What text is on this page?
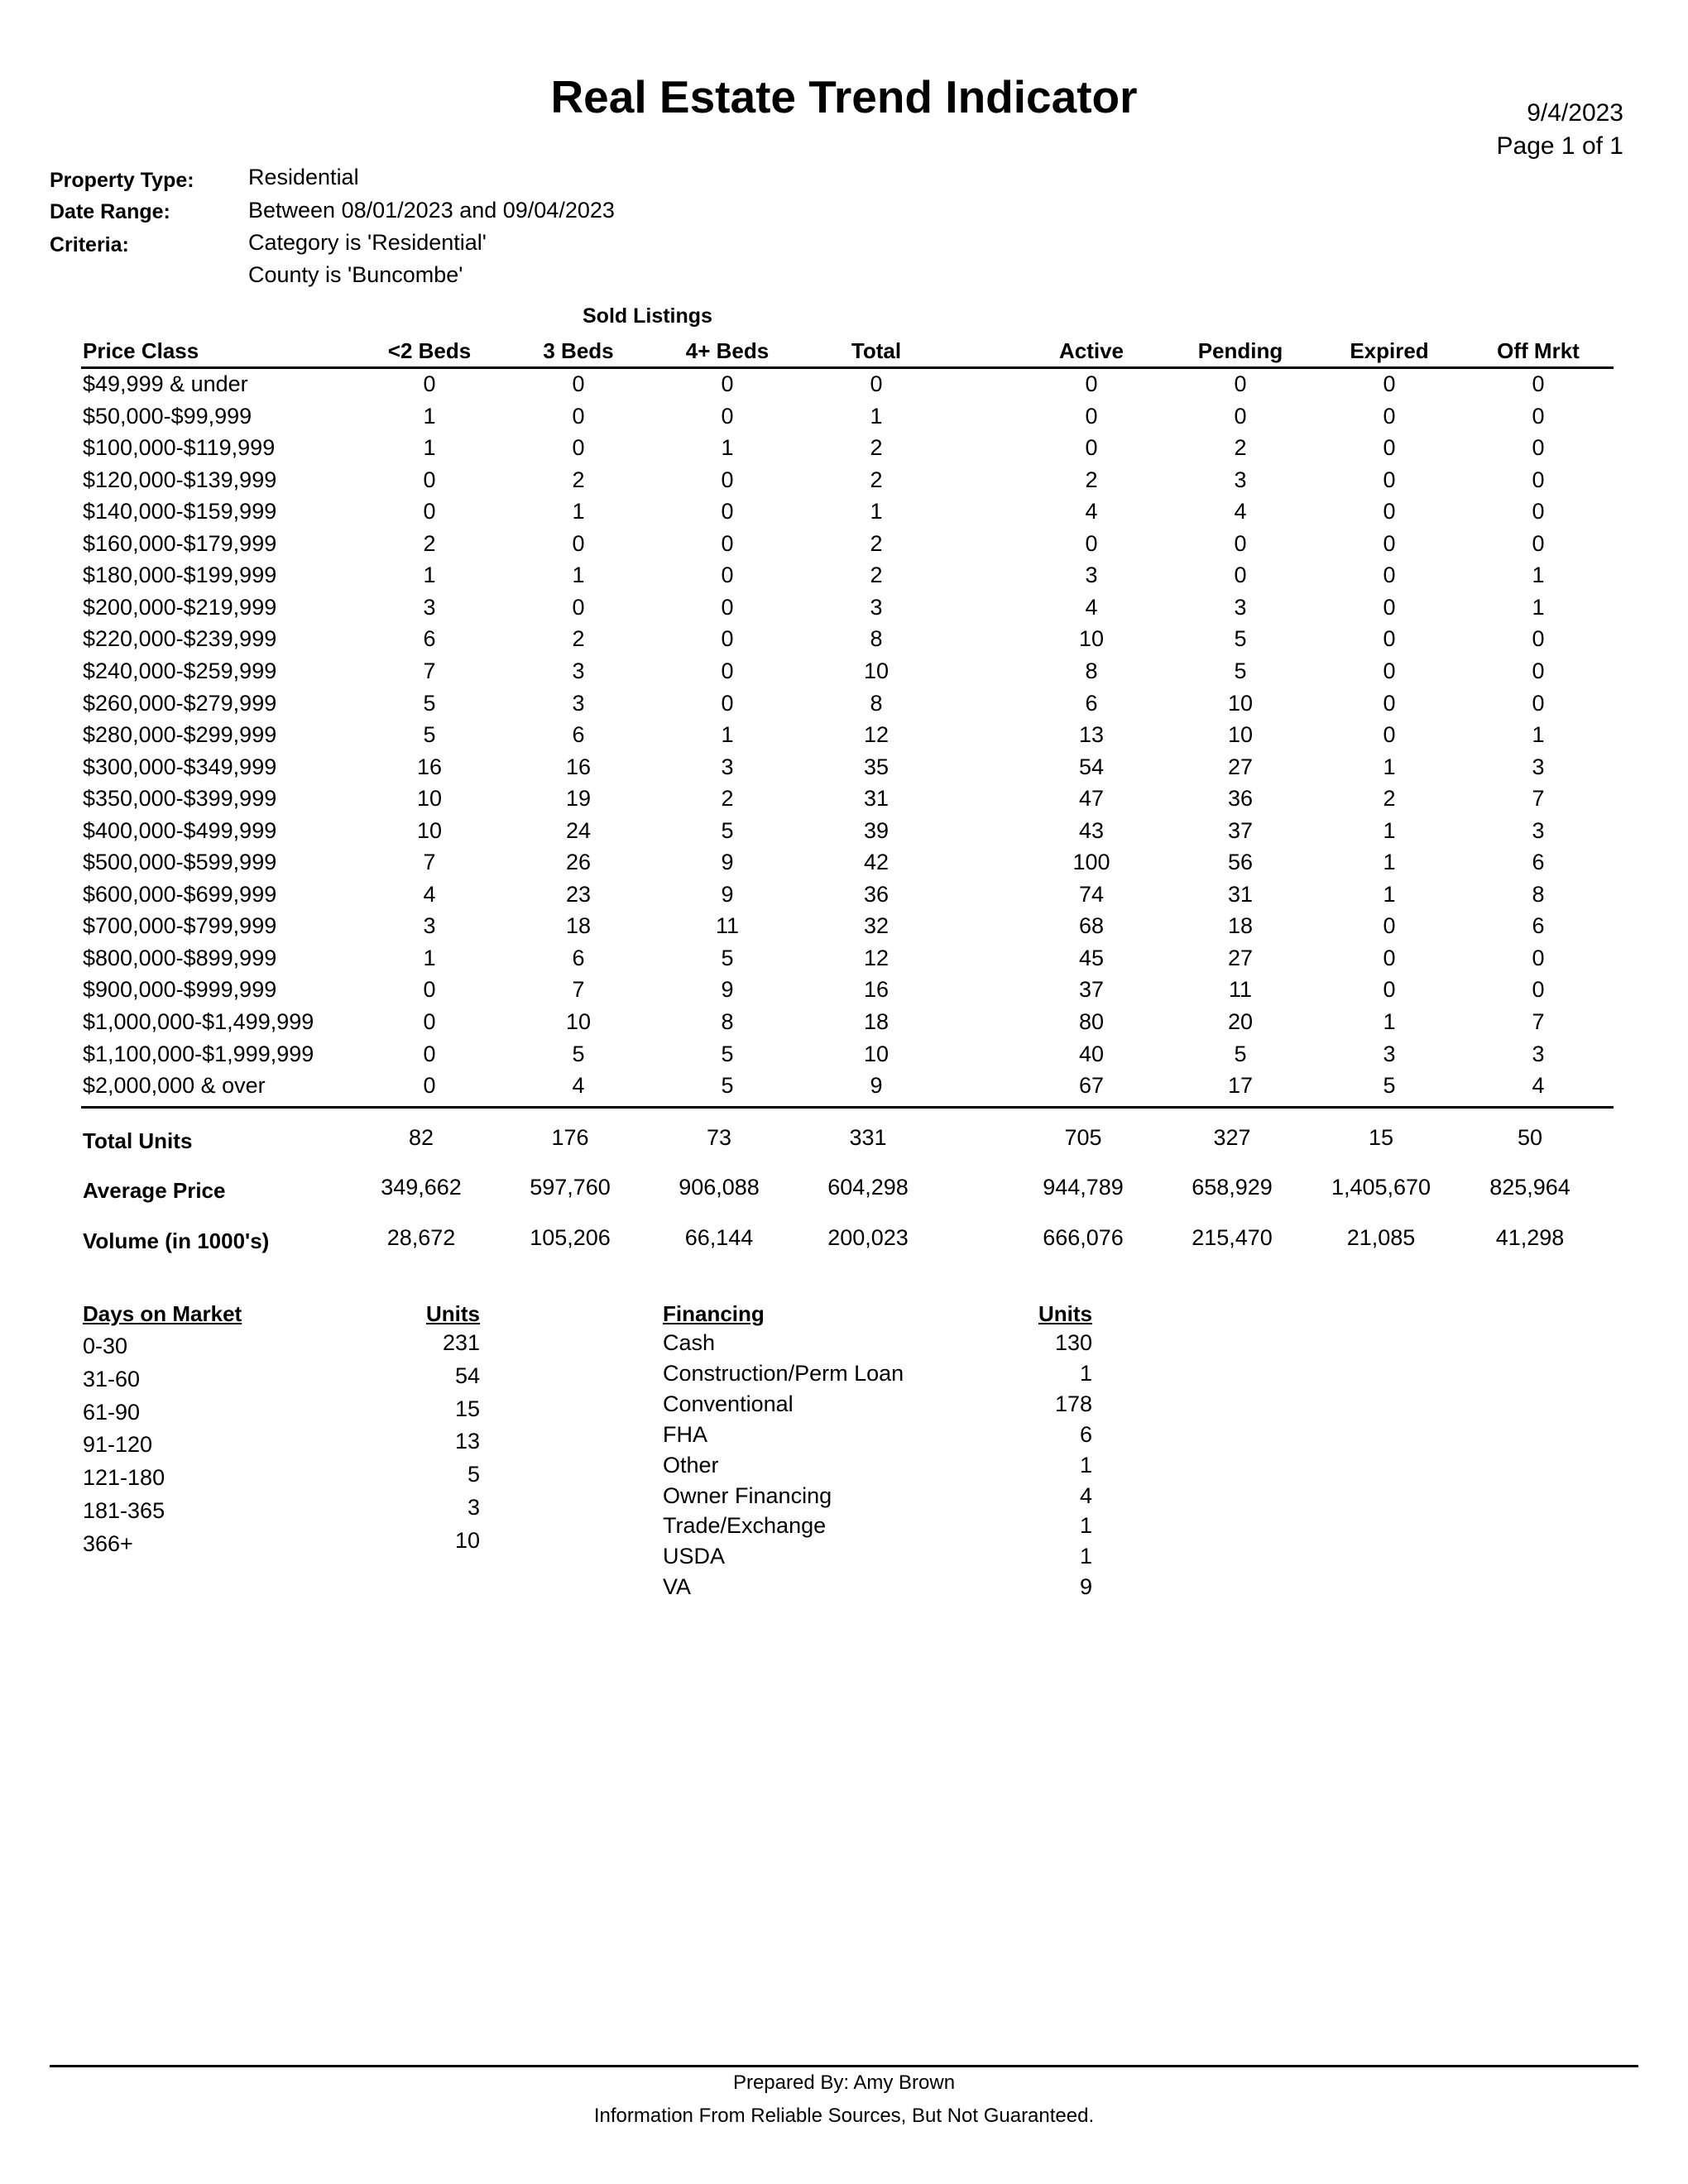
Real Estate Trend Indicator	9/4/2023
Page 1 of 1
Property Type: Residential
Date Range:	Between 08/01/2023 and 09/04/2023
Criteria:	Category is 'Residential'
County is 'Buncombe'
Sold Listings
Price Class	<2 Beds	3 Beds	4+ Beds	Total	Active	Pending	Expired	Off Mrkt
$49,999 & under	0	0	0	0	0	0	0	0
$50,000-$99,999	1	0	0	1	0	0	0	0
$100,000-$119,999	1	0	1	2	0	2	0	0
$120,000-$139,999	0	2	0	2	2	3	0	0
$140,000-$159,999	0	1	0	1	4	4	0	0
$160,000-$179,999	2	0	0	2	0	0	0	0
$180,000-$199,999	1	1	0	2	3	0	0	1
$200,000-$219,999	3	0	0	3	4	3	0	1
$220,000-$239,999	6	2	0	8	10	5	0	0
$240,000-$259,999	7	3	0	10	8	5	0	0
$260,000-$279,999	5	3	0	8	6	10	0	0
$280,000-$299,999	5	6	1	12	13	10	0	1
$300,000-$349,999	16	16	3	35	54	27	1	3
$350,000-$399,999	10	19	2	31	47	36	2	7
$400,000-$499,999	10	24	5	39	43	37	1	3
$500,000-$599,999	7	26	9	42	100	56	1	6
$600,000-$699,999	4	23	9	36	74	31	1	8
$700,000-$799,999	3	18	11	32	68	18	0	6
$800,000-$899,999	1	6	5	12	45	27	0	0
$900,000-$999,999	0	7	9	16	37	11	0	0
$1,000,000-$1,499,999	0	10	8	18	80	20	1	7
$1,100,000-$1,999,999	0	5	5	10	40	5	3	3
$2,000,000 & over	0	4	5	9	67	17	5	4
Total Units	82	176	73	331	705	327	15	50
Average Price	349,662	597,760	906,088	604,298	944,789	658,929	1,405,670	825,964
Volume (in 1000's)	28,672	105,206	66,144	200,023	666,076	215,470	21,085	41,298
Days on Market	Units
0-30	231
31-60	54
61-90	15
91-120	13
121-180	5
181-365	3
366+	10
Financing	Units
Cash	130
Construction/Perm Loan	1
Conventional	178
FHA	6
Other	1
Owner Financing	4
Trade/Exchange	1
USDA	1
VA	9
Prepared By: Amy Brown
Information From Reliable Sources, But Not Guaranteed.
